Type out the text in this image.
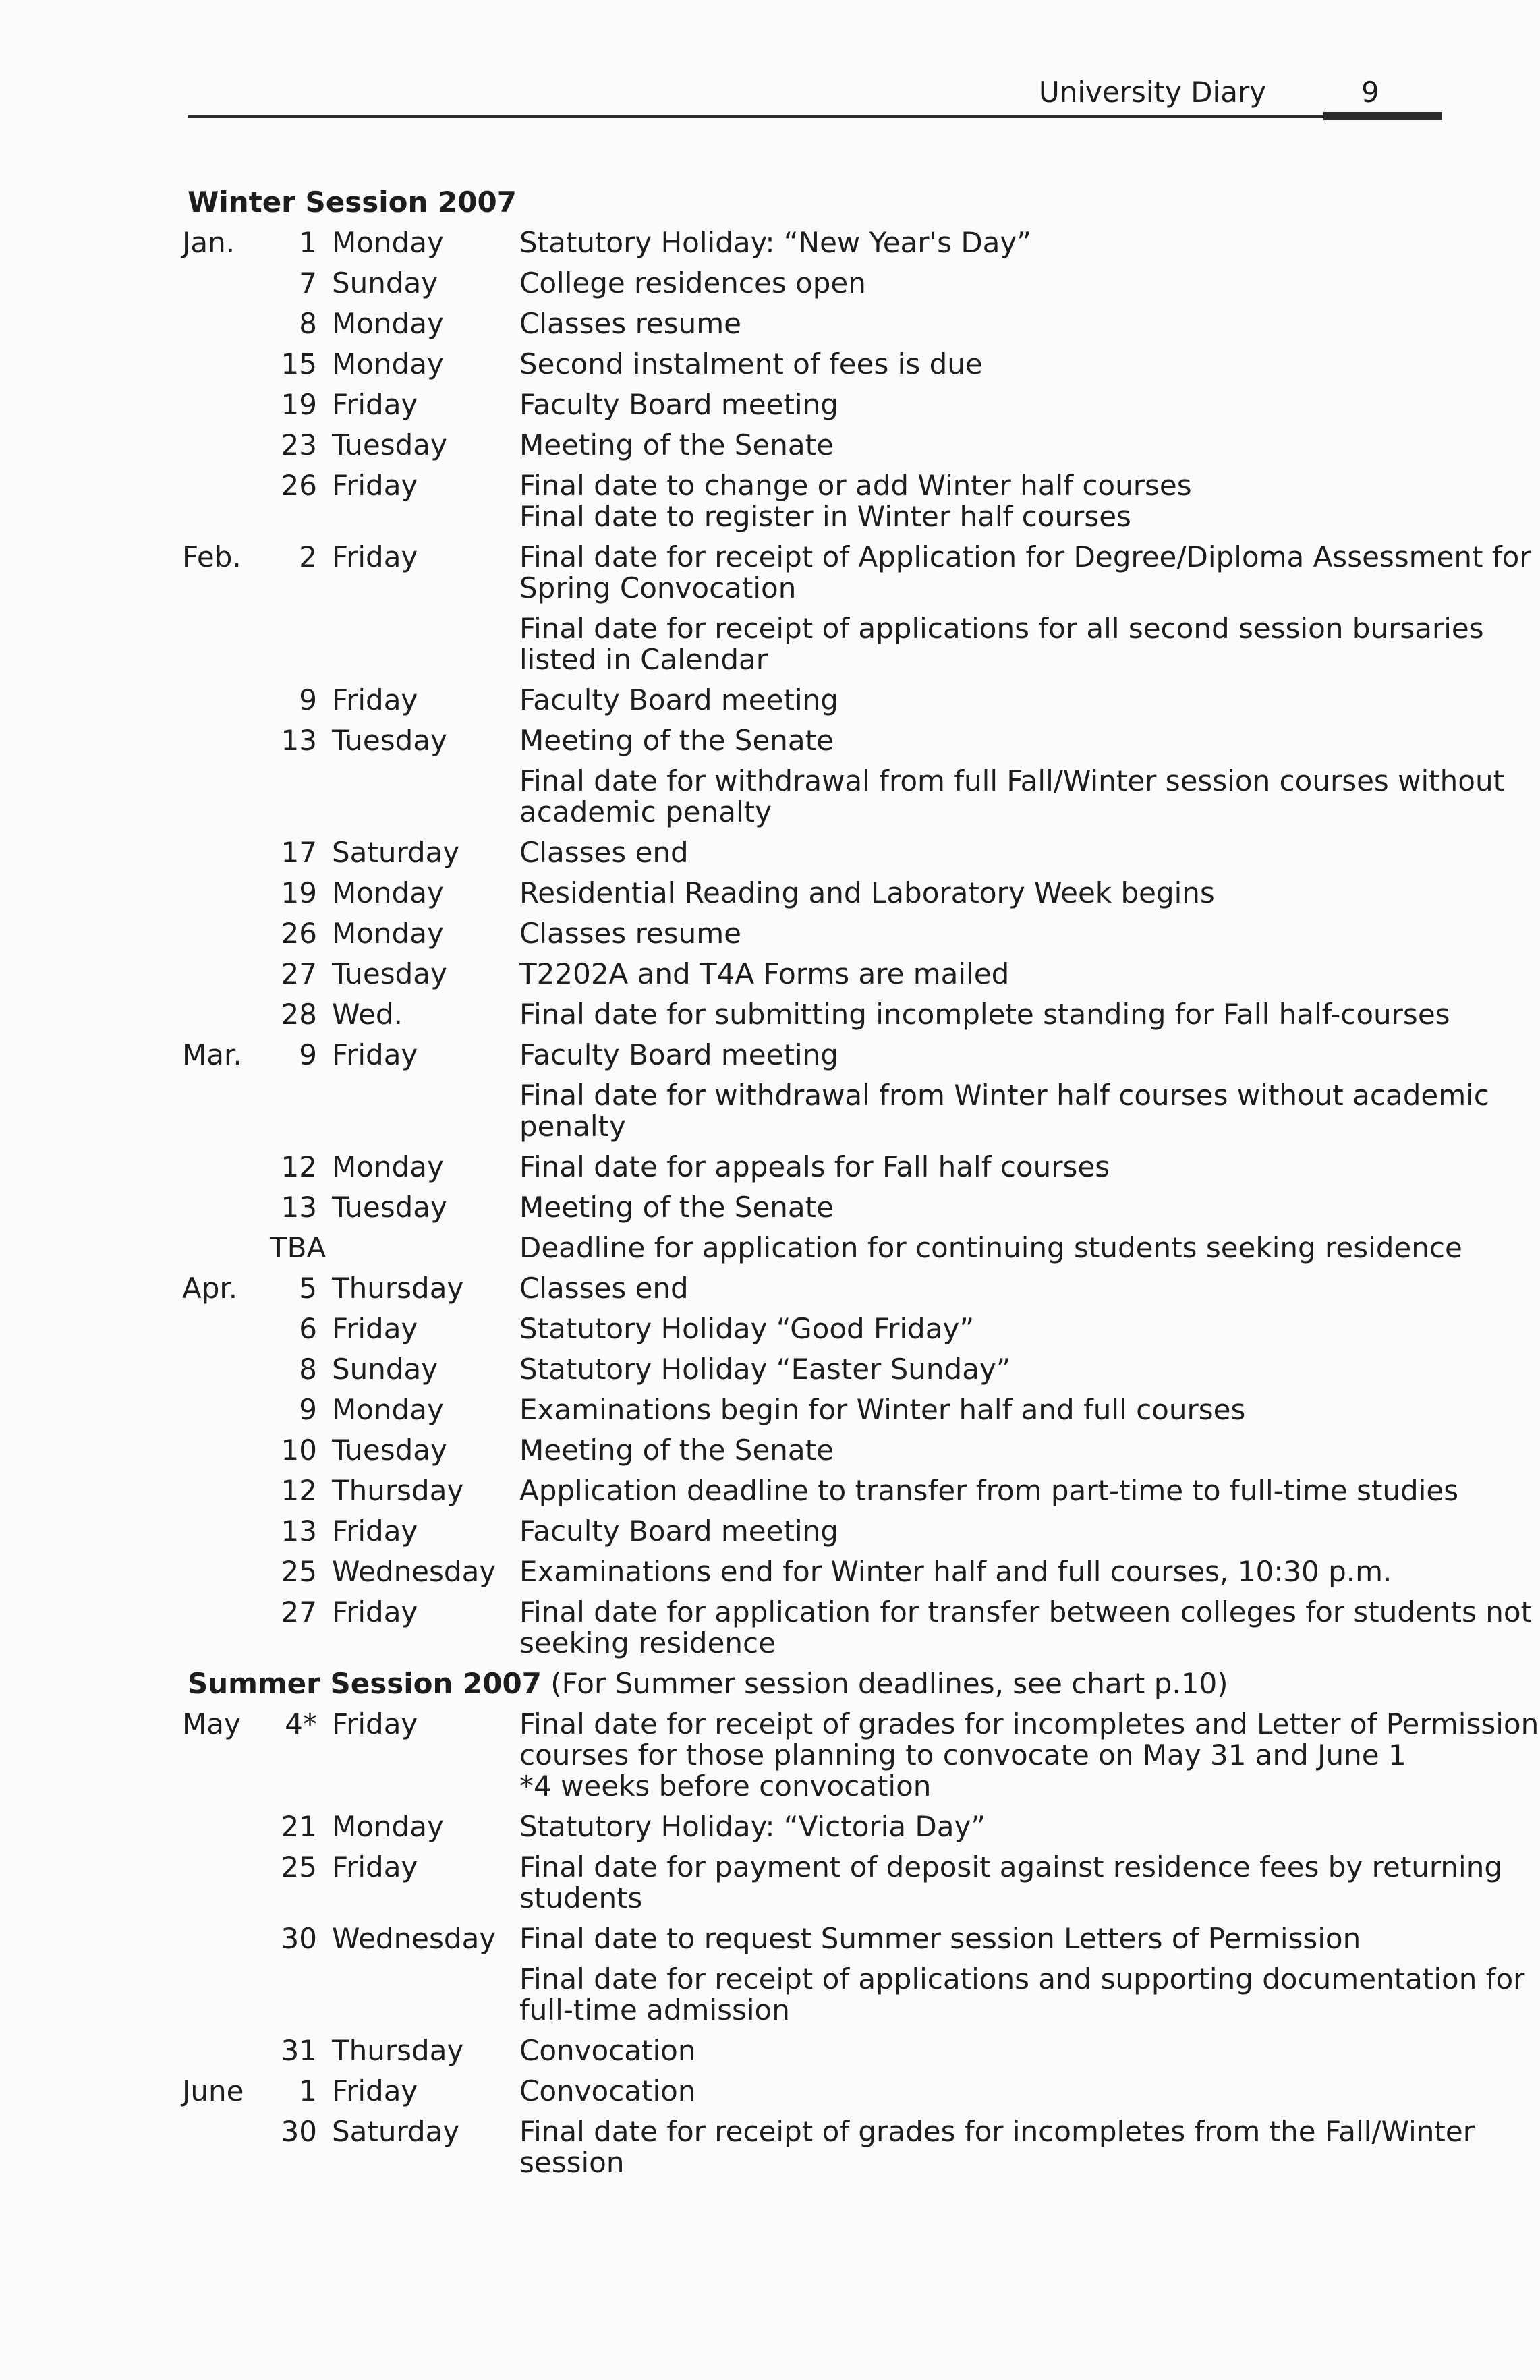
University Diary	9
Winter Session 2007
Jan.	1 Monday	Statutory Holiday: “New Year's Day”
7 Sunday	College residences open
8 Monday	Classes resume
15 Monday	Second instalment of fees is due
19 Friday	Faculty Board meeting
23 Tuesday	Meeting of the Senate
26 Friday	Final date to change or add Winter half courses
Final date to register in Winter half courses
Feb.	2 Friday	Final date for receipt of Application for Degree/Diploma Assessment for
Spring Convocation
Final date for receipt of applications for all second session bursaries
listed in Calendar
9 Friday	Faculty Board meeting
13 Tuesday	Meeting of the Senate
Final date for withdrawal from full Fall/Winter session courses without
academic penalty
17 Saturday Classes end
19 Monday	Residential Reading and Laboratory Week begins
26 Monday	Classes resume
27 Tuesday	T2202A and T4A Forms are mailed
28 Wed.	Final date for submitting incomplete standing for Fall half-courses
Mar.	9 Friday	Faculty Board meeting
Final date for withdrawal from Winter half courses without academic
penalty
12 Monday	Final date for appeals for Fall half courses
13 Tuesday	Meeting of the Senate
TBA	Deadline for application for continuing students seeking residence
Apr.	5 Thursday Classes end
6 Friday	Statutory Holiday “Good Friday”
8 Sunday	Statutory Holiday “Easter Sunday”
9 Monday	Examinations begin for Winter half and full courses
10 Tuesday	Meeting of the Senate
12 Thursday Application deadline to transfer from part-time to full-time studies
13 Friday	Faculty Board meeting
25 Wednesday Examinations end for Winter half and full courses, 10:30 p.m.
27 Friday	Final date for application for transfer between colleges for students not
seeking residence
Summer Session 2007 (For Summer session deadlines, see chart p.10)
May	4* Friday	Final date for receipt of grades for incompletes and Letter of Permission
courses for those planning to convocate on May 31 and June 1
*4 weeks before convocation
21 Monday	Statutory Holiday: “Victoria Day”
25 Friday	Final date for payment of deposit against residence fees by returning
students
30 Wednesday Final date to request Summer session Letters of Permission
Final date for receipt of applications and supporting documentation for
full-time admission
31 Thursday Convocation
June	1 Friday	Convocation
30 Saturday Final date for receipt of grades for incompletes from the Fall/Winter
session
